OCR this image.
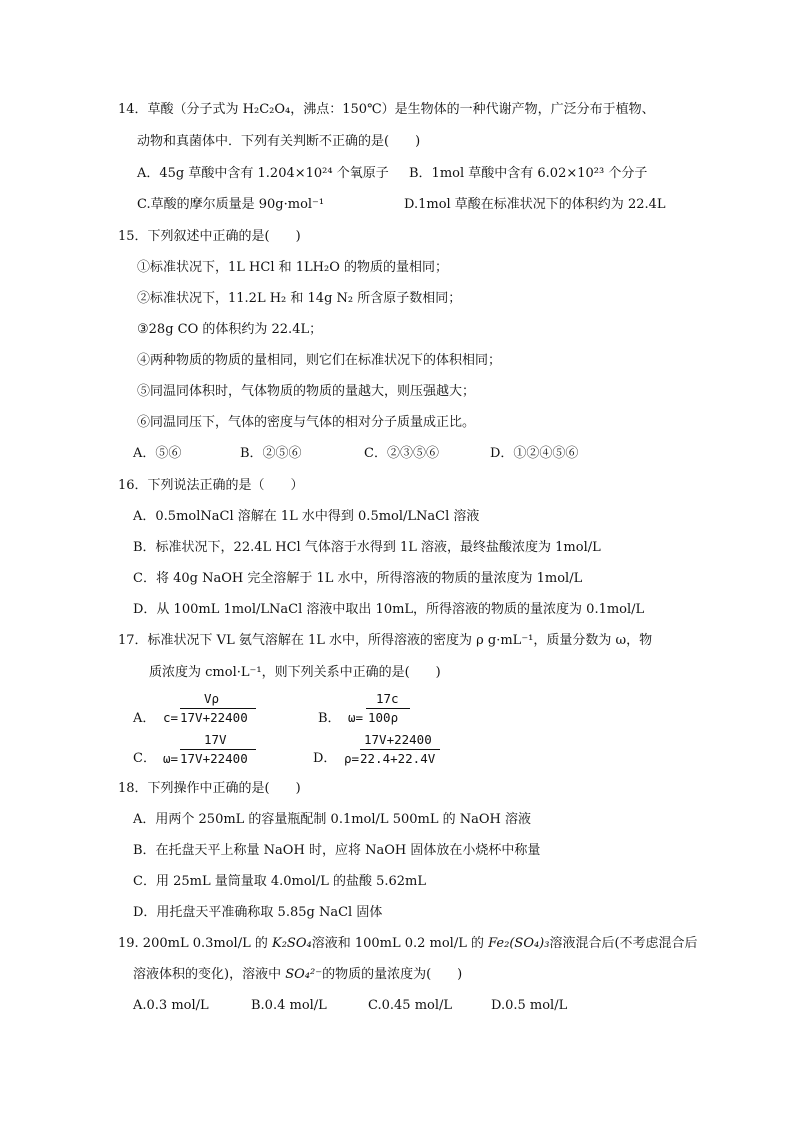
14．草酸（分子式为 H₂C₂O₄，沸点：150℃）是生物体的一种代谢产物，广泛分布于植物、
动物和真菌体中．下列有关判断不正确的是(　　)
A．45g 草酸中含有 1.204×10²⁴ 个氧原子 B．1mol 草酸中含有 6.02×10²³ 个分子
C.草酸的摩尔质量是 90g·mol⁻¹	D.1mol 草酸在标准状况下的体积约为 22.4L
15．下列叙述中正确的是(　　)
①标准状况下，1L HCl 和 1LH₂O 的物质的量相同；
②标准状况下，11.2L H₂ 和 14g N₂ 所含原子数相同；
③28g CO 的体积约为 22.4L；
④两种物质的物质的量相同，则它们在标准状况下的体积相同；
⑤同温同体积时，气体物质的物质的量越大，则压强越大；
⑥同温同压下，气体的密度与气体的相对分子质量成正比。
A．⑤⑥	B．②⑤⑥	C．②③⑤⑥	D．①②④⑤⑥
16．下列说法正确的是（　　）
A．0.5molNaCl 溶解在 1L 水中得到 0.5mol/LNaCl 溶液
B．标准状况下，22.4L HCl 气体溶于水得到 1L 溶液，最终盐酸浓度为 1mol/L
C．将 40g NaOH 完全溶解于 1L 水中，所得溶液的物质的量浓度为 1mol/L
D．从 100mL 1mol/LNaCl 溶液中取出 10mL，所得溶液的物质的量浓度为 0.1mol/L
17．标准状况下 VL 氨气溶解在 1L 水中，所得溶液的密度为 ρ g·mL⁻¹，质量分数为 ω，物
质浓度为 cmol·L⁻¹，则下列关系中正确的是(　　)
A． c=
Vρ
17V+22400	B． ω=
17c
100ρ
C． ω=
17V
17V+22400	D． ρ=
17V+22400
22.4+22.4V
18．下列操作中正确的是(　　)
A．用两个 250mL 的容量瓶配制 0.1mol/L 500mL 的 NaOH 溶液
B．在托盘天平上称量 NaOH 时，应将 NaOH 固体放在小烧杯中称量
C．用 25mL 量筒量取 4.0mol/L 的盐酸 5.62mL
D．用托盘天平准确称取 5.85g NaCl 固体
19. 200mL 0.3mol/L 的 K₂SO₄溶液和 100mL 0.2 mol/L 的 Fe₂(SO₄)₃溶液混合后(不考虑混合后
溶液体积的变化)，溶液中 SO₄²⁻的物质的量浓度为(　　)
A.0.3 mol/L	B.0.4 mol/L	C.0.45 mol/L	D.0.5 mol/L
